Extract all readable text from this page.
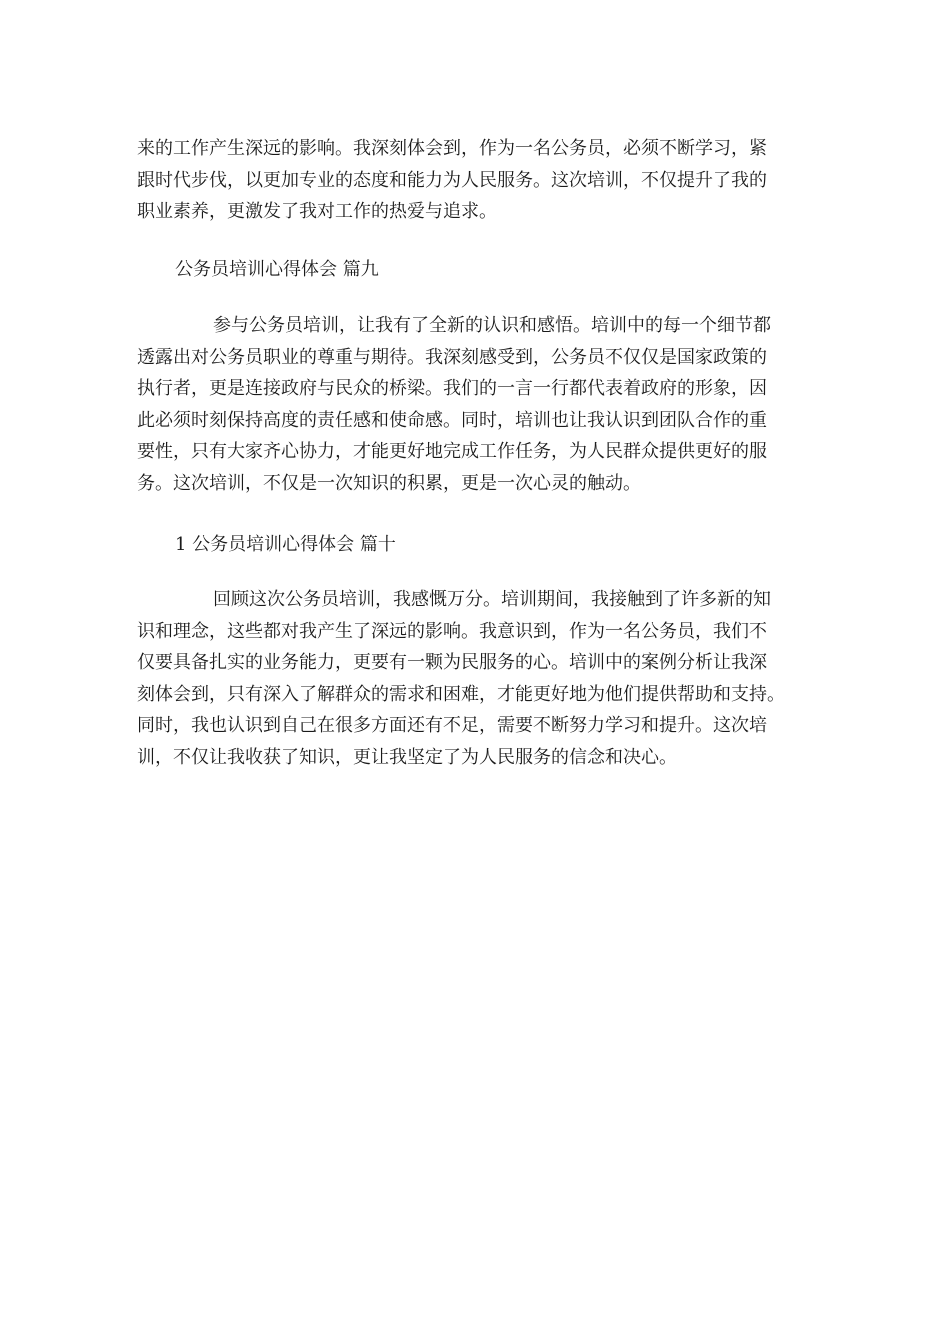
来的工作产生深远的影响。我深刻体会到，作为一名公务员，必须不断学习，紧
跟时代步伐，以更加专业的态度和能力为人民服务。这次培训，不仅提升了我的
职业素养，更激发了我对工作的热爱与追求。
公务员培训心得体会 篇九
参与公务员培训，让我有了全新的认识和感悟。培训中的每一个细节都
透露出对公务员职业的尊重与期待。我深刻感受到，公务员不仅仅是国家政策的
执行者，更是连接政府与民众的桥梁。我们的一言一行都代表着政府的形象，因
此必须时刻保持高度的责任感和使命感。同时，培训也让我认识到团队合作的重
要性，只有大家齐心协力，才能更好地完成工作任务，为人民群众提供更好的服
务。这次培训，不仅是一次知识的积累，更是一次心灵的触动。
1 公务员培训心得体会 篇十
回顾这次公务员培训，我感慨万分。培训期间，我接触到了许多新的知
识和理念，这些都对我产生了深远的影响。我意识到，作为一名公务员，我们不
仅要具备扎实的业务能力，更要有一颗为民服务的心。培训中的案例分析让我深
刻体会到，只有深入了解群众的需求和困难，才能更好地为他们提供帮助和支持。
同时，我也认识到自己在很多方面还有不足，需要不断努力学习和提升。这次培
训，不仅让我收获了知识，更让我坚定了为人民服务的信念和决心。
